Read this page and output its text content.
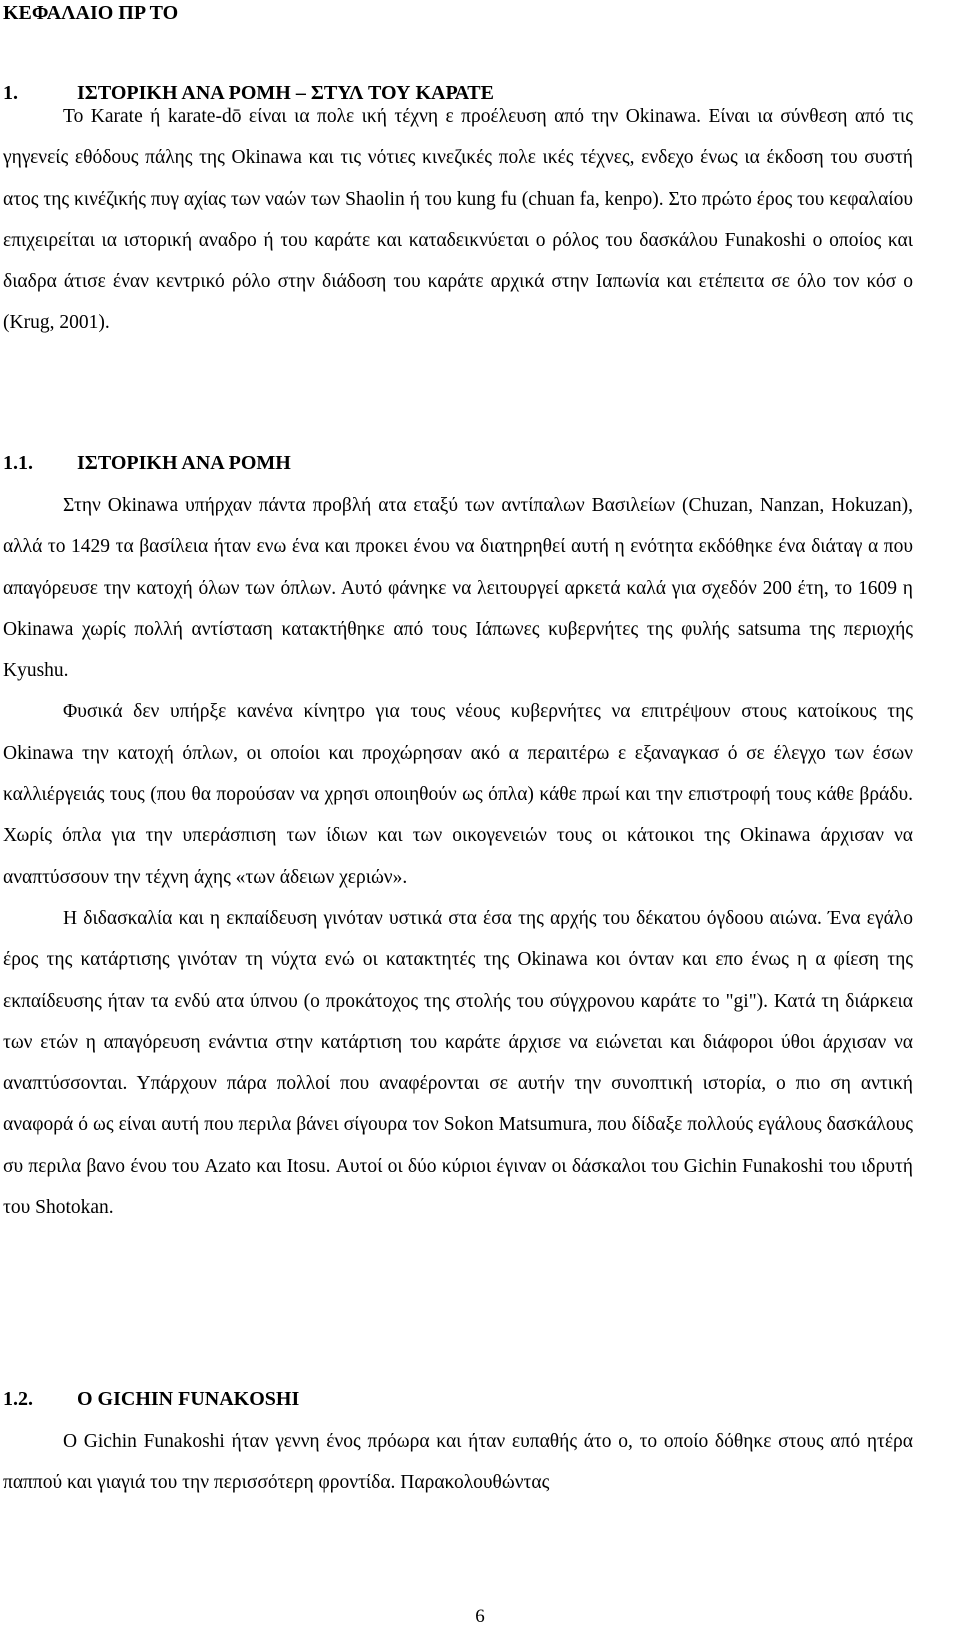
ΚΕΦΑΛΑΙΟ ΠΡ ΤΟ
1.	ΙΣΤΟΡΙΚΗ ΑΝΑ ΡΟΜΗ – ΣΤΥΛ ΤΟΥ ΚΑΡΑΤΕ

Το Karate ή karate-dō είναι ια πολε ική τέχνη ε προέλευση από την Okinawa. Είναι ια σύνθεση από τις γηγενείς εθόδους πάλης της Okinawa και τις νότιες κινεζικές πολε ικές τέχνες, ενδεχο ένως ια έκδοση του συστή ατος της κινέζικής πυγ αχίας των ναών των Shaolin ή του kung fu (chuan fa, kenpo). Στο πρώτο έρος του κεφαλαίου επιχειρείται ια ιστορική αναδρο ή του καράτε και καταδεικνύεται ο ρόλος του δασκάλου Funakoshi ο οποίος και διαδρα άτισε έναν κεντρικό ρόλο στην διάδοση του καράτε αρχικά στην Ιαπωνία και ετέπειτα σε όλο τον κόσ ο (Krug, 2001).

1.1. ΙΣΤΟΡΙΚΗ ΑΝΑ ΡΟΜΗ

Στην Okinawa υπήρχαν πάντα προβλή ατα εταξύ των αντίπαλων Βασιλείων (Chuzan, Nanzan, Hokuzan), αλλά το 1429 τα βασίλεια ήταν ενω ένα και προκει ένου να διατηρηθεί αυτή η ενότητα εκδόθηκε ένα διάταγ α που απαγόρευσε την κατοχή όλων των όπλων. Αυτό φάνηκε να λειτουργεί αρκετά καλά για σχεδόν 200 έτη, το 1609 η Okinawa χωρίς πολλή αντίσταση κατακτήθηκε από τους Ιάπωνες κυβερνήτες της φυλής satsuma της περιοχής Kyushu.

Φυσικά δεν υπήρξε κανένα κίνητρο για τους νέους κυβερνήτες να επιτρέψουν στους κατοίκους της Okinawa την κατοχή όπλων, οι οποίοι και προχώρησαν ακό α περαιτέρω ε εξαναγκασ ό σε έλεγχο των έσων καλλιέργειάς τους (που θα πορούσαν να χρησι οποιηθούν ως όπλα) κάθε πρωί και την επιστροφή τους κάθε βράδυ. Χωρίς όπλα για την υπεράσπιση των ίδιων και των οικογενειών τους οι κάτοικοι της Okinawa άρχισαν να αναπτύσσουν την τέχνη άχης «των άδειων χεριών».

Η διδασκαλία και η εκπαίδευση γινόταν υστικά στα έσα της αρχής του δέκατου όγδοου αιώνα. Ένα εγάλο έρος της κατάρτισης γινόταν τη νύχτα ενώ οι κατακτητές της Okinawa κοι όνταν και επο ένως η α φίεση της εκπαίδευσης ήταν τα ενδύ ατα ύπνου (ο προκάτοχος της στολής του σύγχρονου καράτε το "gi"). Κατά τη διάρκεια των ετών η απαγόρευση ενάντια στην κατάρτιση του καράτε άρχισε να ειώνεται και διάφοροι ύθοι άρχισαν να αναπτύσσονται. Υπάρχουν πάρα πολλοί που αναφέρονται σε αυτήν την συνοπτική ιστορία, ο πιο ση αντική αναφορά ό ως είναι αυτή που περιλα βάνει σίγουρα τον Sokon Matsumura, που δίδαξε πολλούς εγάλους δασκάλους συ περιλα βανο ένου του Azato και Itosu. Αυτοί οι δύο κύριοι έγιναν οι δάσκαλοι του Gichin Funakoshi του ιδρυτή του Shotokan.

1.2. Ο GICHIN FUNAKOSHI

Ο Gichin Funakoshi ήταν γεννη ένος πρόωρα και ήταν ευπαθής άτο ο, το οποίο δόθηκε στους από ητέρα παππού και γιαγιά του την περισσότερη φροντίδα. Παρακολουθώντας

6
